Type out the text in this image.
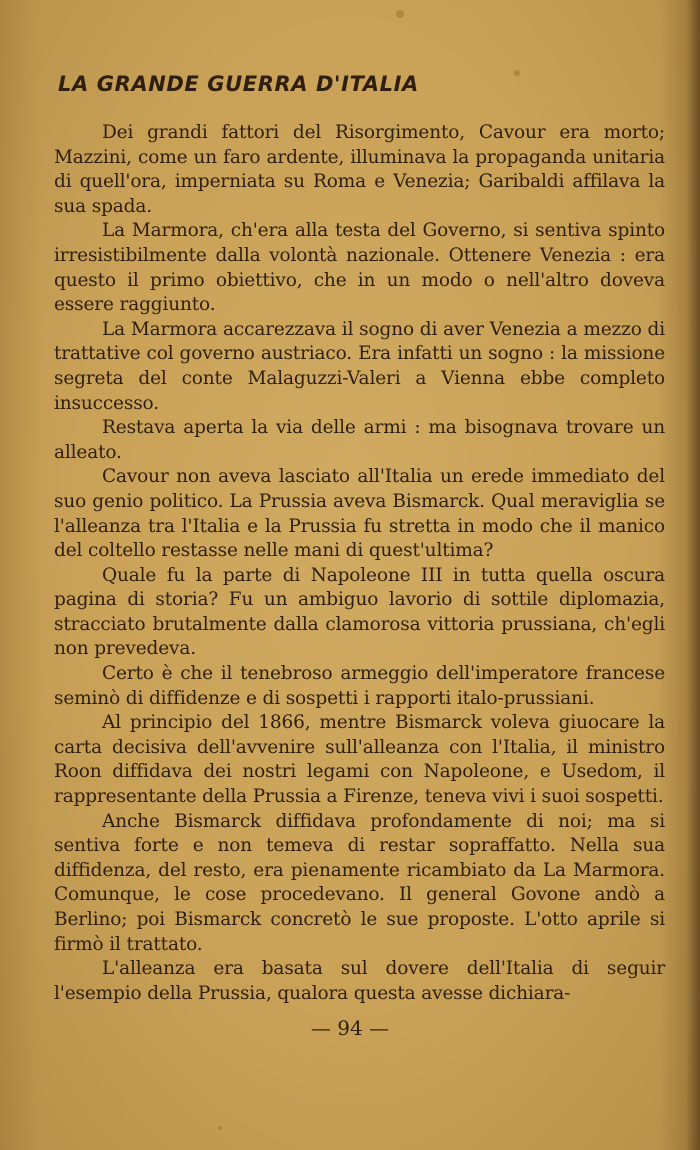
LA GRANDE GUERRA D'ITALIA

Dei grandi fattori del Risorgimento, Cavour era morto; Mazzini, come un faro ardente, illuminava la propaganda unitaria di quell'ora, imperniata su Roma e Venezia; Garibaldi affilava la sua spada.

La Marmora, ch'era alla testa del Governo, si sentiva spinto irresistibilmente dalla volontà nazionale. Ottenere Venezia : era questo il primo obiettivo, che in un modo o nell'altro doveva essere raggiunto.

La Marmora accarezzava il sogno di aver Venezia a mezzo di trattative col governo austriaco. Era infatti un sogno : la missione segreta del conte Malaguzzi-Valeri a Vienna ebbe completo insuccesso.

Restava aperta la via delle armi : ma bisognava trovare un alleato.

Cavour non aveva lasciato all'Italia un erede immediato del suo genio politico. La Prussia aveva Bismarck. Qual meraviglia se l'alleanza tra l'Italia e la Prussia fu stretta in modo che il manico del coltello restasse nelle mani di quest'ultima?

Quale fu la parte di Napoleone III in tutta quella oscura pagina di storia? Fu un ambiguo lavorio di sottile diplomazia, stracciato brutalmente dalla clamorosa vittoria prussiana, ch'egli non prevedeva.

Certo è che il tenebroso armeggio dell'imperatore francese seminò di diffidenze e di sospetti i rapporti italo-prussiani.

Al principio del 1866, mentre Bismarck voleva giuocare la carta decisiva dell'avvenire sull'alleanza con l'Italia, il ministro Roon diffidava dei nostri legami con Napoleone, e Usedom, il rappresentante della Prussia a Firenze, teneva vivi i suoi sospetti.

Anche Bismarck diffidava profondamente di noi; ma si sentiva forte e non temeva di restar sopraffatto. Nella sua diffidenza, del resto, era pienamente ricambiato da La Marmora. Comunque, le cose procedevano. Il general Govone andò a Berlino; poi Bismarck concretò le sue proposte. L'otto aprile si firmò il trattato.

L'alleanza era basata sul dovere dell'Italia di seguir l'esempio della Prussia, qualora questa avesse dichiara-

— 94 —
